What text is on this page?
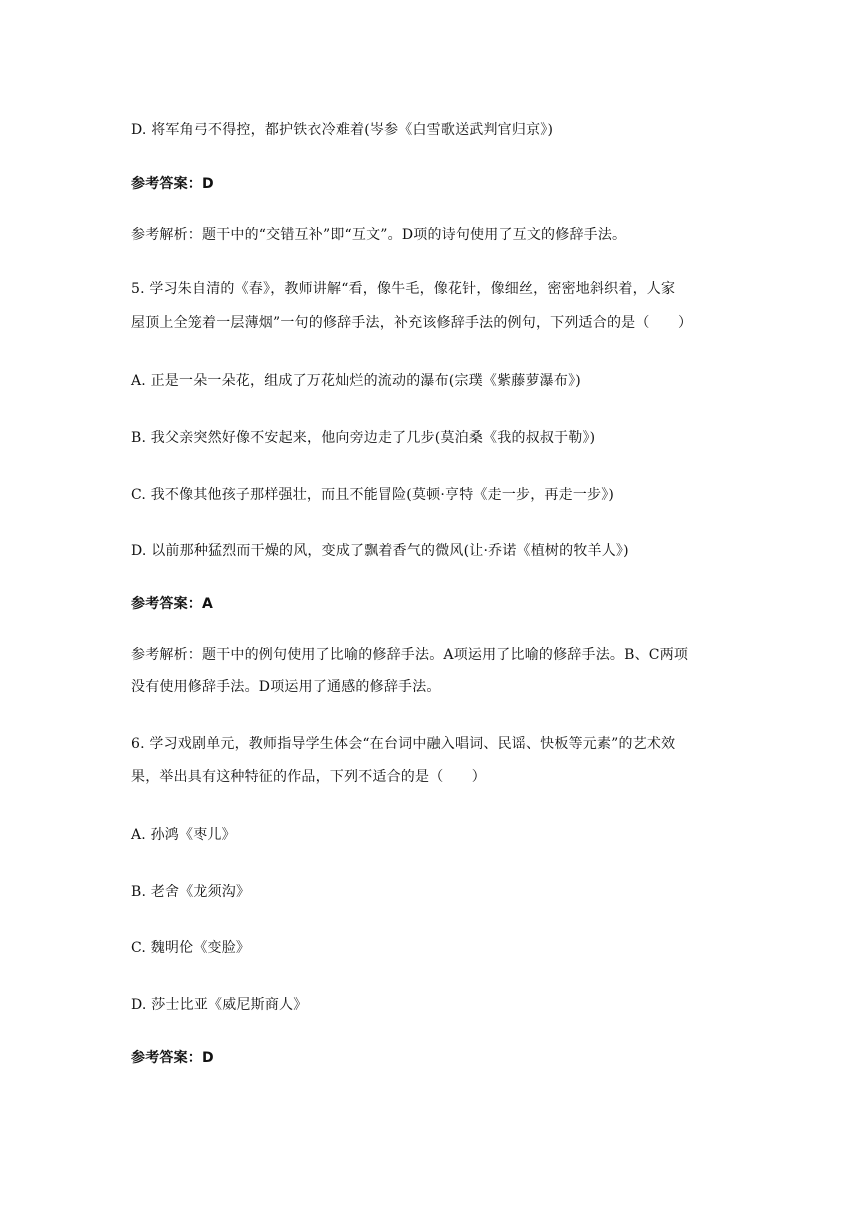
D. 将军角弓不得控，都护铁衣冷难着(岑参《白雪歌送武判官归京》)
参考答案：D
参考解析：题干中的“交错互补”即“互文”。D项的诗句使用了互文的修辞手法。
5. 学习朱自清的《春》，教师讲解“看，像牛毛，像花针，像细丝，密密地斜织着，人家
屋顶上全笼着一层薄烟”一句的修辞手法，补充该修辞手法的例句，下列适合的是（　　）
A. 正是一朵一朵花，组成了万花灿烂的流动的瀑布(宗璞《紫藤萝瀑布》)
B. 我父亲突然好像不安起来，他向旁边走了几步(莫泊桑《我的叔叔于勒》)
C. 我不像其他孩子那样强壮，而且不能冒险(莫顿·亨特《走一步，再走一步》)
D. 以前那种猛烈而干燥的风，变成了飘着香气的微风(让·乔诺《植树的牧羊人》)
参考答案：A
参考解析：题干中的例句使用了比喻的修辞手法。A项运用了比喻的修辞手法。B、C两项
没有使用修辞手法。D项运用了通感的修辞手法。
6. 学习戏剧单元，教师指导学生体会“在台词中融入唱词、民谣、快板等元素”的艺术效
果，举出具有这种特征的作品，下列不适合的是（　　）
A. 孙鸿《枣儿》
B. 老舍《龙须沟》
C. 魏明伦《变脸》
D. 莎士比亚《威尼斯商人》
参考答案：D
